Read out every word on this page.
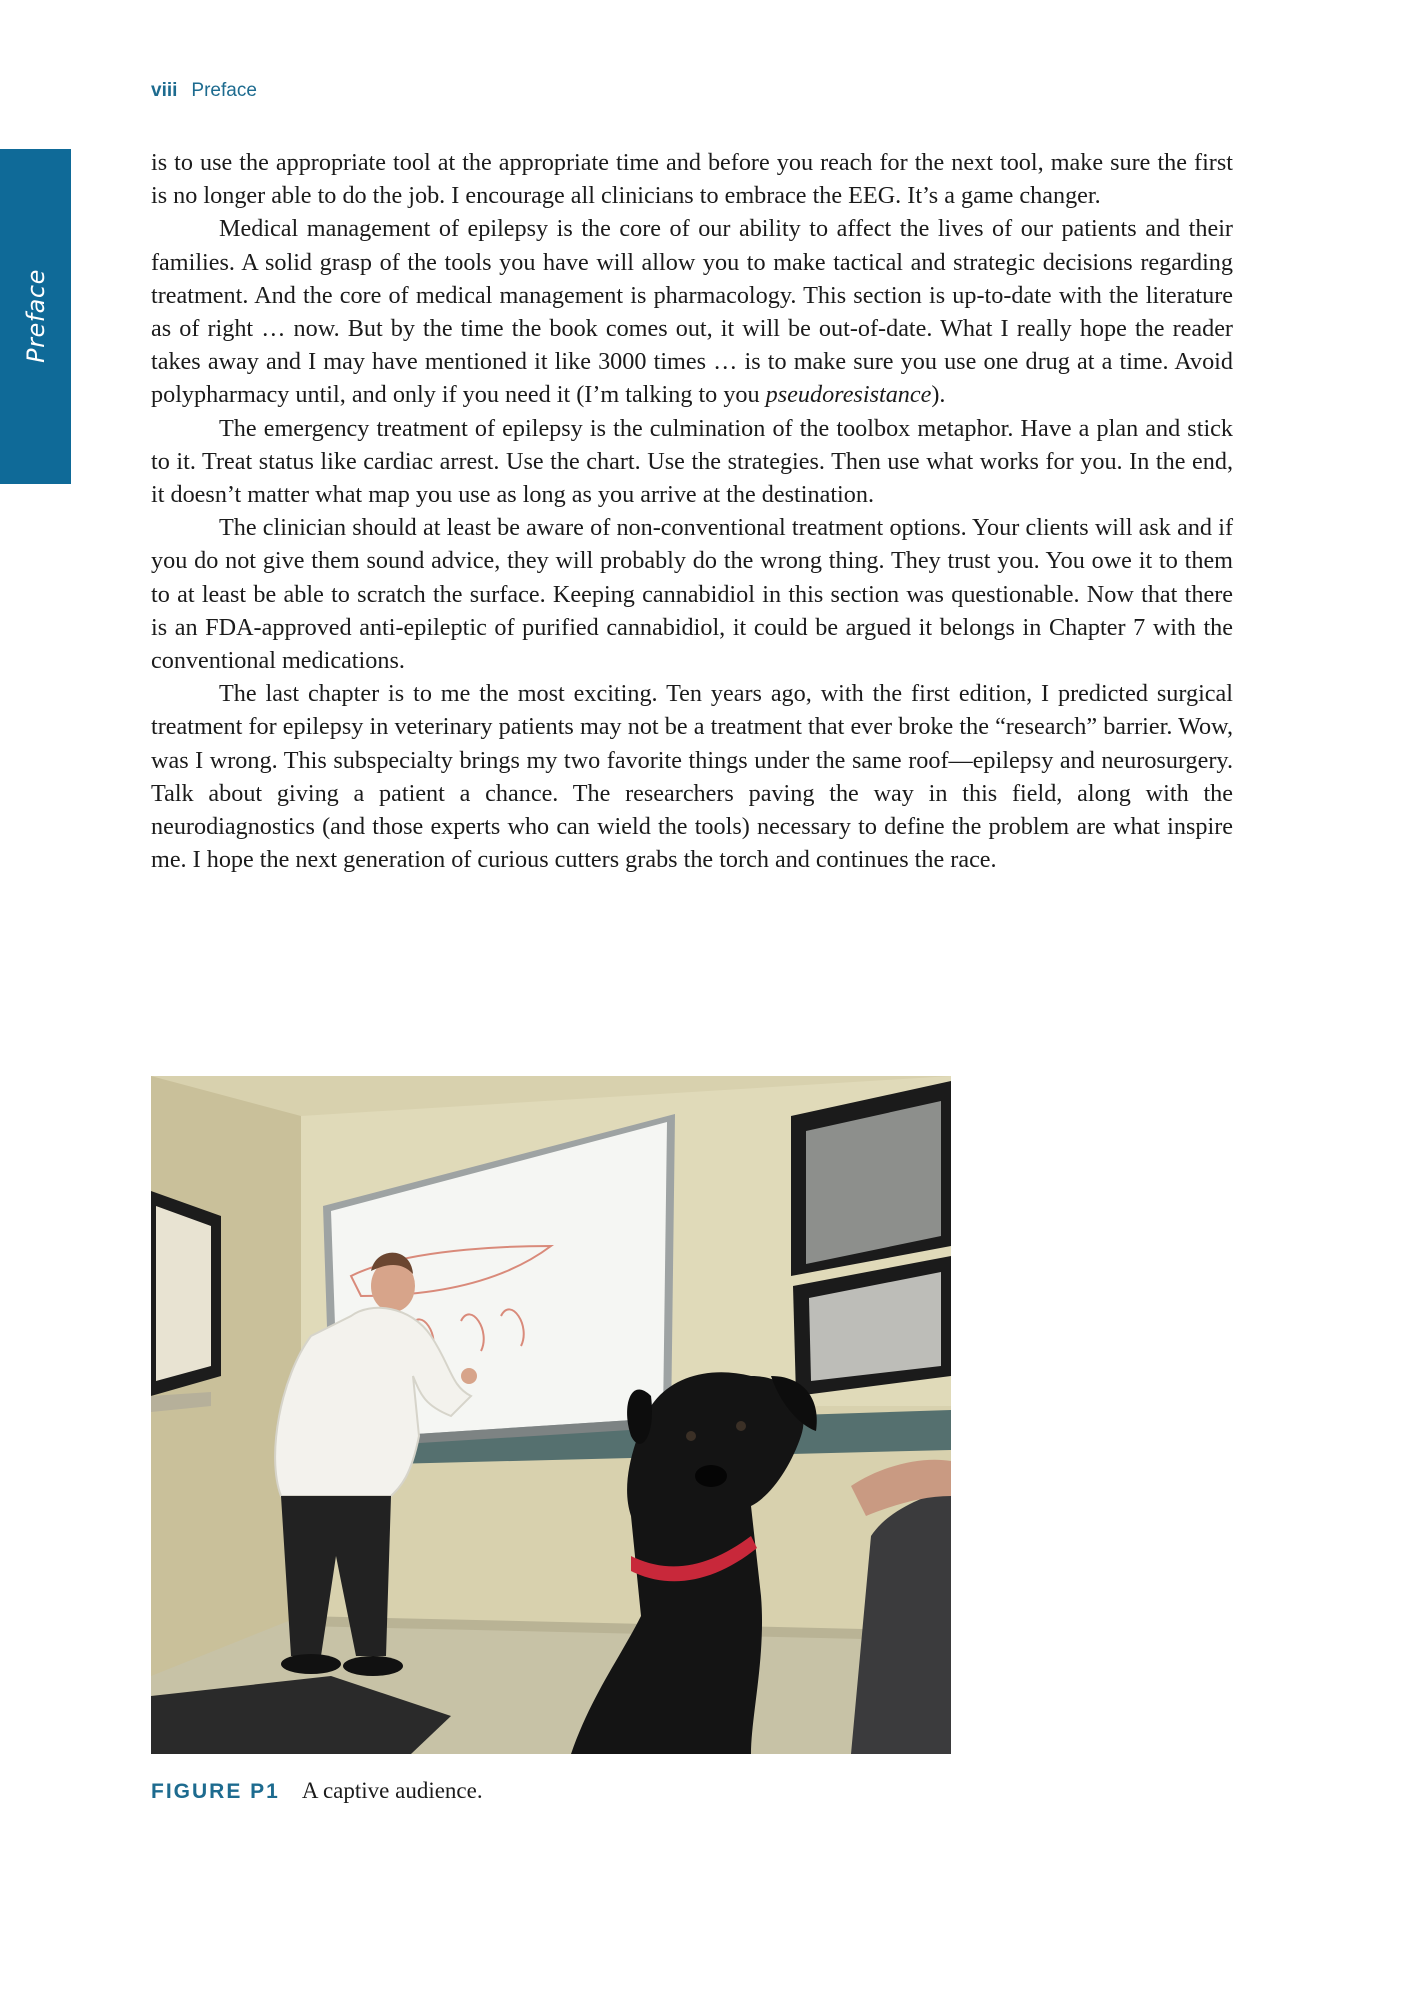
viii Preface
Preface

is to use the appropriate tool at the appropriate time and before you reach for the next tool, make sure the first is no longer able to do the job. I encourage all clinicians to embrace the EEG. It’s a game changer.

Medical management of epilepsy is the core of our ability to affect the lives of our patients and their families. A solid grasp of the tools you have will allow you to make tactical and strategic decisions regarding treatment. And the core of medical management is pharmacology. This section is up-to-date with the literature as of right … now. But by the time the book comes out, it will be out-of-date. What I really hope the reader takes away and I may have mentioned it like 3000 times … is to make sure you use one drug at a time. Avoid polypharmacy until, and only if you need it (I’m talking to you pseudoresistance).

The emergency treatment of epilepsy is the culmination of the toolbox metaphor. Have a plan and stick to it. Treat status like cardiac arrest. Use the chart. Use the strategies. Then use what works for you. In the end, it doesn’t matter what map you use as long as you arrive at the destination.

The clinician should at least be aware of non-conventional treatment options. Your clients will ask and if you do not give them sound advice, they will probably do the wrong thing. They trust you. You owe it to them to at least be able to scratch the surface. Keeping cannabidiol in this section was questionable. Now that there is an FDA-approved anti-epileptic of purified cannabidiol, it could be argued it belongs in Chapter 7 with the conventional medications.

The last chapter is to me the most exciting. Ten years ago, with the first edition, I predicted surgical treatment for epilepsy in veterinary patients may not be a treatment that ever broke the “research” barrier. Wow, was I wrong. This subspecialty brings my two favorite things under the same roof—epilepsy and neurosurgery. Talk about giving a patient a chance. The researchers paving the way in this field, along with the neurodiagnostics (and those experts who can wield the tools) necessary to define the problem are what inspire me. I hope the next generation of curious cutters grabs the torch and continues the race.

FIGURE P1 A captive audience.
